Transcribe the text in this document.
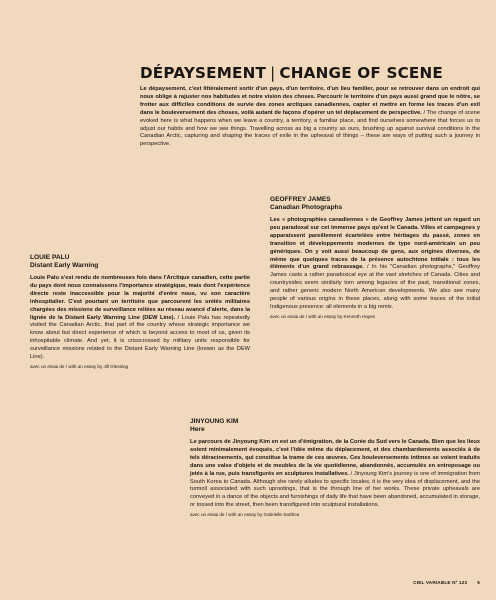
DÉPAYSEMENT | CHANGE OF SCENE
Le dépaysement, c'est littéralement sortir d'un pays, d'un territoire, d'un lieu familier, pour se retrouver dans un endroit qui nous oblige à rajuster nos habitudes et notre vision des choses. Parcourir le territoire d'un pays aussi grand que le nôtre, se frotter aux difficiles conditions de survie des zones arctiques canadiennes, capter et mettre en forme les traces d'un exil dans le bouleversement des choses, voilà autant de façons d'opérer un tel déplacement de perspective. / The change of scene evoked here is what happens when we leave a country, a territory, a familiar place, and find ourselves somewhere that forces us to adjust our habits and how we see things. Travelling across as big a country as ours, brushing up against survival conditions in the Canadian Arctic, capturing and shaping the traces of exile in the upheaval of things – these are ways of putting such a journey in perspective.
LOUIE PALU
Distant Early Warning
Louie Palu s'est rendu de nombreuses fois dans l'Arctique canadien, cette partie du pays dont nous connaissons l'importance stratégique, mais dont l'expérience directe reste inaccessible pour la majorité d'entre nous, vu son caractère inhospitalier. C'est pourtant un territoire que parcourent les unités militaires chargées des missions de surveillance reliées au réseau avancé d'alerte, dans la lignée de la Distant Early Warning Line (DEW Line). / Louie Palu has repeatedly visited the Canadian Arctic, that part of the country whose strategic importance we know about but direct experience of which is beyond access to most of us, given its inhospitable climate. And yet, it is crisscrossed by military units responsible for surveillance missions related to the Distant Early Warning Line (known as the DEW Line).
avec un essai de / with an essay by Jill Glessing
GEOFFREY JAMES
Canadian Photographs
Les « photographies canadiennes » de Geoffrey James jettent un regard un peu paradoxal sur cet immense pays qu'est le Canada. Villes et campagnes y apparaissent pareillement écartelées entre héritages du passé, zones en transition et développements modernes de type nord-américain un peu génériques. On y voit aussi beaucoup de gens, aux origines diverses, de même que quelques traces de la présence autochtone initiale : tous les éléments d'un grand rebrassage. / In his "Canadian photographs," Geoffrey James casts a rather paradoxical eye at the vast stretches of Canada. Cities and countrysides seem similarly torn among legacies of the past, transitional zones, and rather generic modern North American developments. We also see many people of various origins in these places, along with some traces of the initial Indigenous presence: all elements in a big remix.
avec un essai de / with an essay by Kenneth Hayes
JINYOUNG KIM
Here
Le parcours de Jinyoung Kim en est un d'émigration, de la Corée du Sud vers le Canada. Bien que les lieux soient minimalement évoqués, c'est l'idée même du déplacement, et des chambardements associés à de tels déracinements, qui constitue la trame de ces œuvres. Ces bouleversements intimes se voient traduits dans une valse d'objets et de meubles de la vie quotidienne, abandonnés, accumulés en entreposage ou jetés à la rue, puis transfigurés en sculptures installatives. / Jinyoung Kim's journey is one of immigration from South Korea to Canada. Although she rarely alludes to specific locales, it is the very idea of displacement, and the turmoil associated with such uprootings, that is the through line of her works. These private upheavals are conveyed in a dance of the objects and furnishings of daily life that have been abandoned, accumulated in storage, or tossed into the street, then been transfigured into sculptural installations.
avec un essai de / with an essay by Gabrielle Sarthou
CIEL VARIABLE Nº 123 5
